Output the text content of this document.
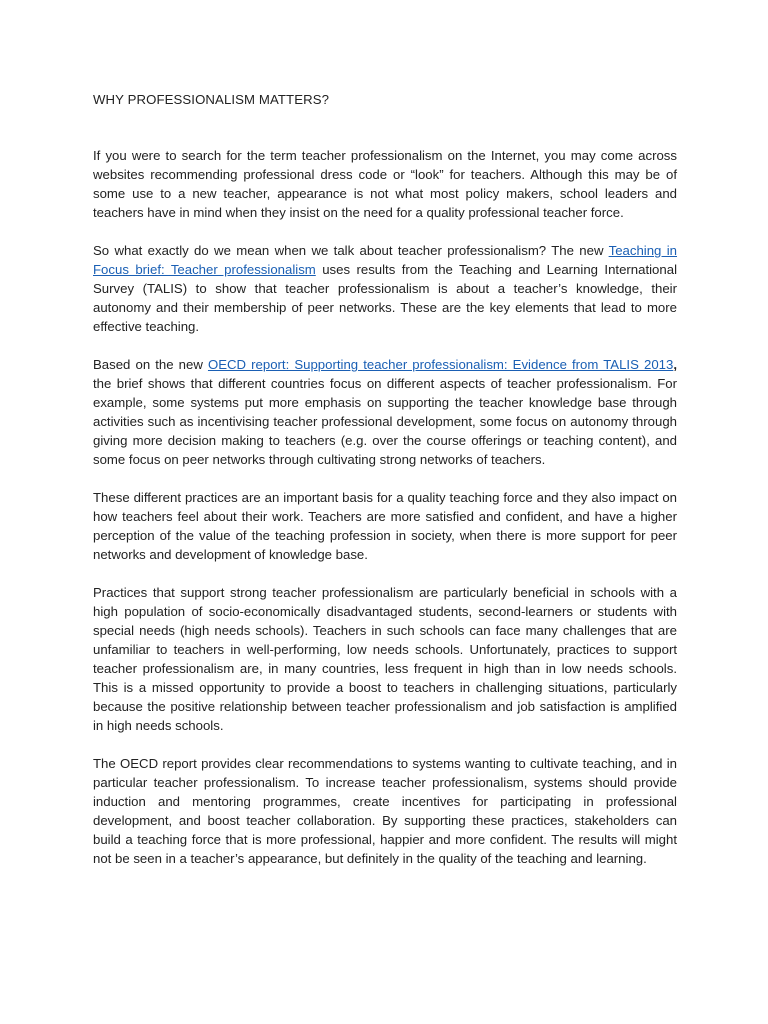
WHY PROFESSIONALISM MATTERS?

If you were to search for the term teacher professionalism on the Internet, you may come across websites recommending professional dress code or “look” for teachers. Although this may be of some use to a new teacher, appearance is not what most policy makers, school leaders and teachers have in mind when they insist on the need for a quality professional teacher force.

So what exactly do we mean when we talk about teacher professionalism? The new Teaching in Focus brief: Teacher professionalism uses results from the Teaching and Learning International Survey (TALIS) to show that teacher professionalism is about a teacher’s knowledge, their autonomy and their membership of peer networks. These are the key elements that lead to more effective teaching.

Based on the new OECD report: Supporting teacher professionalism: Evidence from TALIS 2013, the brief shows that different countries focus on different aspects of teacher professionalism. For example, some systems put more emphasis on supporting the teacher knowledge base through activities such as incentivising teacher professional development, some focus on autonomy through giving more decision making to teachers (e.g. over the course offerings or teaching content), and some focus on peer networks through cultivating strong networks of teachers.

These different practices are an important basis for a quality teaching force and they also impact on how teachers feel about their work. Teachers are more satisfied and confident, and have a higher perception of the value of the teaching profession in society, when there is more support for peer networks and development of knowledge base.

Practices that support strong teacher professionalism are particularly beneficial in schools with a high population of socio-economically disadvantaged students, second-learners or students with special needs (high needs schools). Teachers in such schools can face many challenges that are unfamiliar to teachers in well-performing, low needs schools. Unfortunately, practices to support teacher professionalism are, in many countries, less frequent in high than in low needs schools. This is a missed opportunity to provide a boost to teachers in challenging situations, particularly because the positive relationship between teacher professionalism and job satisfaction is amplified in high needs schools.

The OECD report provides clear recommendations to systems wanting to cultivate teaching, and in particular teacher professionalism. To increase teacher professionalism, systems should provide induction and mentoring programmes, create incentives for participating in professional development, and boost teacher collaboration. By supporting these practices, stakeholders can build a teaching force that is more professional, happier and more confident. The results will might not be seen in a teacher’s appearance, but definitely in the quality of the teaching and learning.
